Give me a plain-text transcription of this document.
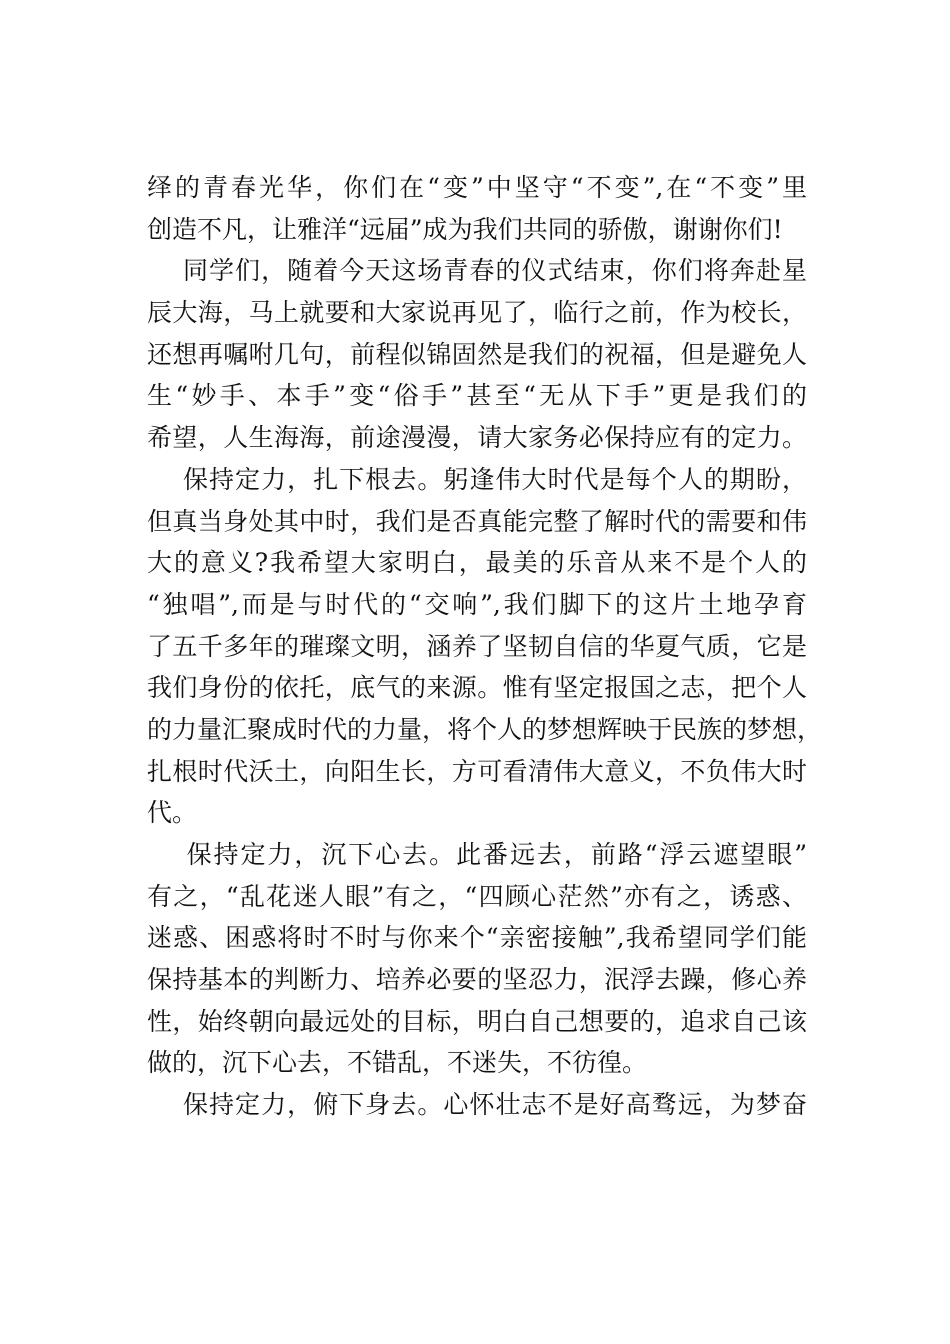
绎的青春光华，你们在“变”中坚守“不变”,在“不变”里
创造不凡，让雅洋“远届”成为我们共同的骄傲，谢谢你们!
同学们，随着今天这场青春的仪式结束，你们将奔赴星
辰大海，马上就要和大家说再见了，临行之前，作为校长，
还想再嘱咐几句，前程似锦固然是我们的祝福，但是避免人
生“妙手、本手”变“俗手”甚至“无从下手”更是我们的
希望，人生海海，前途漫漫，请大家务必保持应有的定力。
保持定力，扎下根去。躬逢伟大时代是每个人的期盼，
但真当身处其中时，我们是否真能完整了解时代的需要和伟
大的意义?我希望大家明白，最美的乐音从来不是个人的
“独唱”,而是与时代的“交响”,我们脚下的这片土地孕育
了五千多年的璀璨文明，涵养了坚韧自信的华夏气质，它是
我们身份的依托，底气的来源。惟有坚定报国之志，把个人
的力量汇聚成时代的力量，将个人的梦想辉映于民族的梦想，
扎根时代沃土，向阳生长，方可看清伟大意义，不负伟大时
代。
保持定力，沉下心去。此番远去，前路“浮云遮望眼”
有之，“乱花迷人眼”有之，“四顾心茫然”亦有之，诱惑、
迷惑、困惑将时不时与你来个“亲密接触”,我希望同学们能
保持基本的判断力、培养必要的坚忍力，泯浮去躁，修心养
性，始终朝向最远处的目标，明白自己想要的，追求自己该
做的，沉下心去，不错乱，不迷失，不彷徨。
保持定力，俯下身去。心怀壮志不是好高骛远，为梦奋
